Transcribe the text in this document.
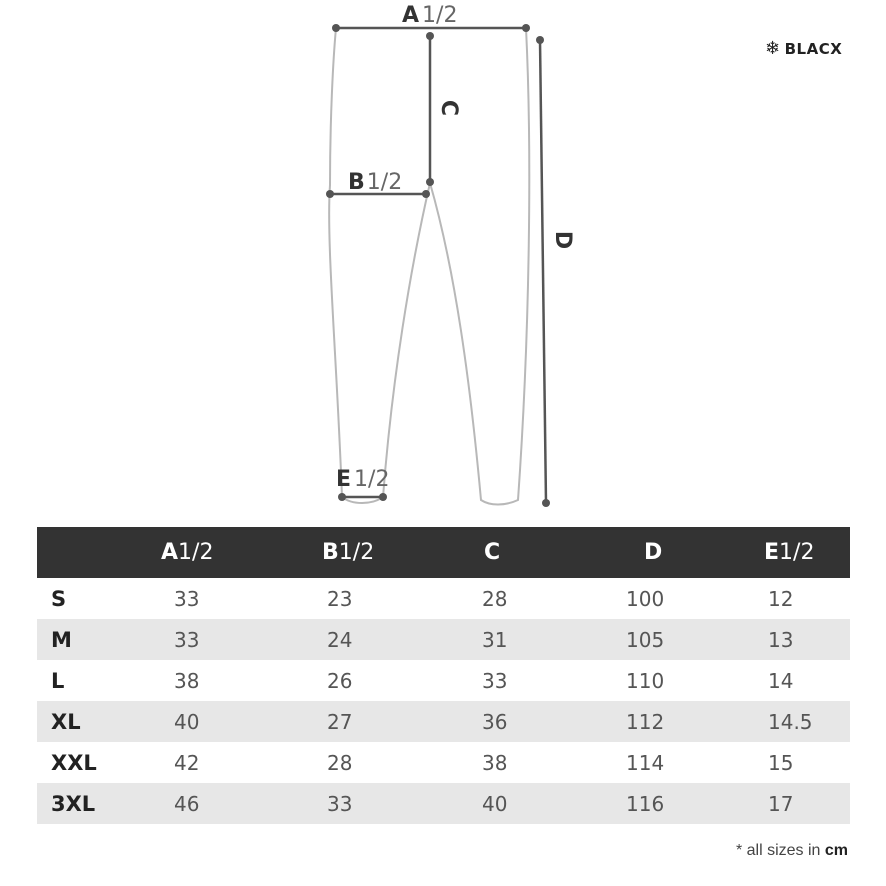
A 1/2
B1/2
C
D
E 1/2
❄ BLACX
	A1/2	B1/2	C	D	E1/2
S	33	23	28	100	12
M	33	24	31	105	13
L	38	26	33	110	14
XL	40	27	36	112	14.5
XXL	42	28	38	114	15
3XL	46	33	40	116	17
* all sizes in cm
